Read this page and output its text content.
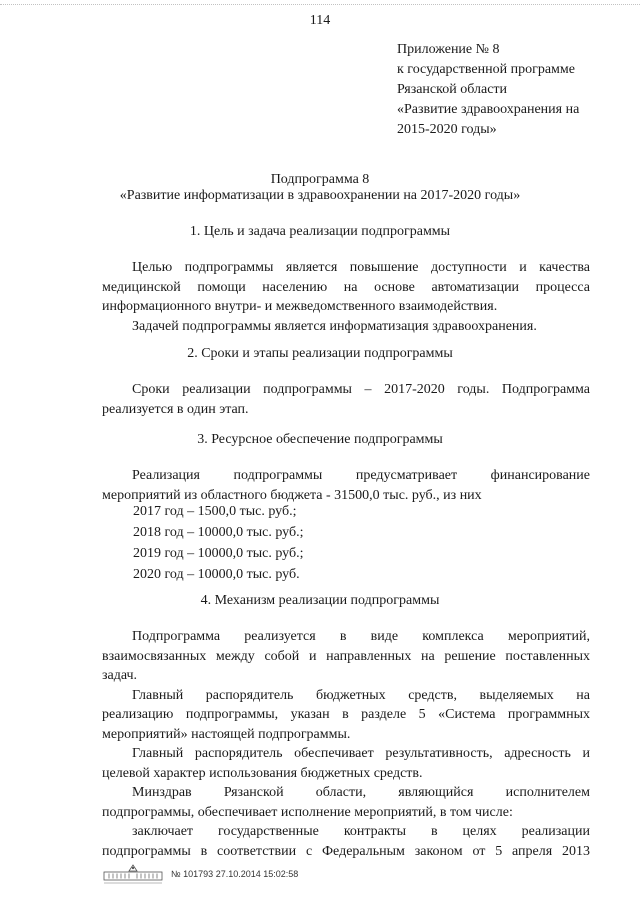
114
Приложение № 8
к государственной программе
Рязанской области
«Развитие здравоохранения на
2015-2020 годы»
Подпрограмма 8
«Развитие информатизации в здравоохранении на 2017-2020 годы»
1. Цель и задача реализации подпрограммы
Целью подпрограммы является повышение доступности и качества
медицинской помощи населению на основе автоматизации процесса
информационного внутри- и межведомственного взаимодействия.
Задачей подпрограммы является информатизация здравоохранения.
2. Сроки и этапы реализации подпрограммы
Сроки реализации подпрограммы – 2017-2020 годы. Подпрограмма
реализуется в один этап.
3. Ресурсное обеспечение подпрограммы
Реализация подпрограммы предусматривает финансирование
мероприятий из областного бюджета - 31500,0 тыс. руб., из них
2017 год – 1500,0 тыс. руб.;
2018 год – 10000,0 тыс. руб.;
2019 год – 10000,0 тыс. руб.;
2020 год – 10000,0 тыс. руб.
4. Механизм реализации подпрограммы
Подпрограмма реализуется в виде комплекса мероприятий,
взаимосвязанных между собой и направленных на решение поставленных
задач.
Главный распорядитель бюджетных средств, выделяемых на
реализацию подпрограммы, указан в разделе 5 «Система программных
мероприятий» настоящей подпрограммы.
Главный распорядитель обеспечивает результативность, адресность и
целевой характер использования бюджетных средств.
Минздрав Рязанской области, являющийся исполнителем
подпрограммы, обеспечивает исполнение мероприятий, в том числе:
заключает государственные контракты в целях реализации
подпрограммы в соответствии с Федеральным законом от 5 апреля 2013
№ 101793 27.10.2014 15:02:58
